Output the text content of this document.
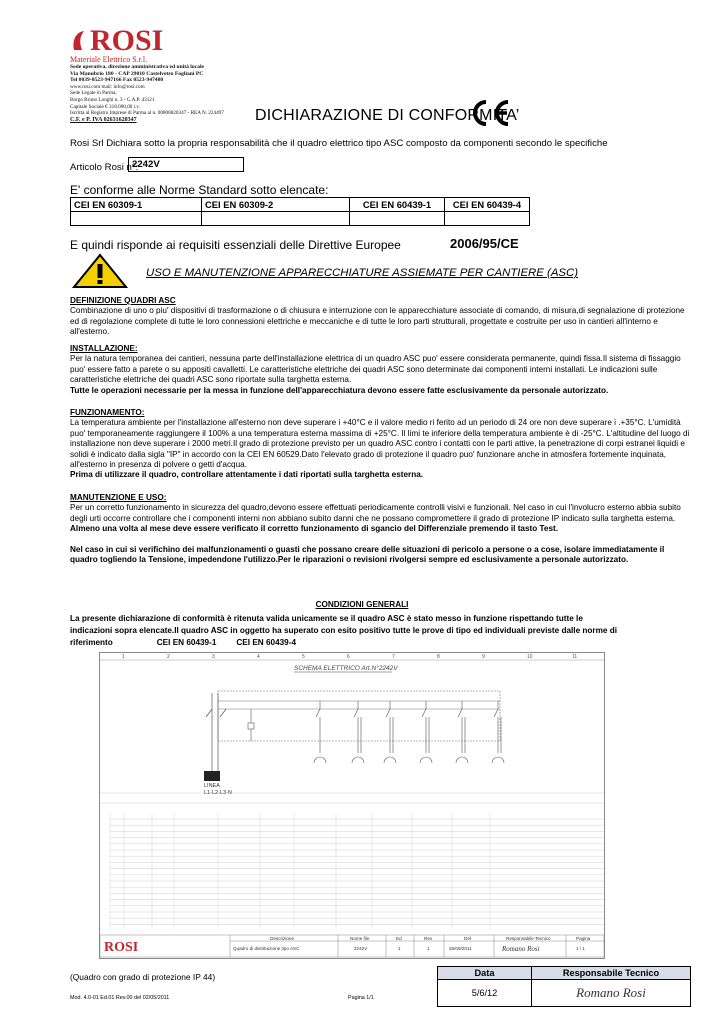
ROSI
Materiale Elettrico S.r.l.
Sede operativa, direzione amministrativa ed unità locale
Via Manubrio 180 - CAP 29010 Castelvetro Fogliani PC
Tel 0039-0523-947166 Fax 0523-947480
www.rosi.com mail: info@rosi.com
Sede Legale in Parma,
Borgo Bruno Longhi n. 3 - C.A.P. 43121
Capitale Sociale € 318.000,00 i.v.
Iscritta al Registro Imprese di Parma al n. 00808820347 - REA N. 224497
C.F. e P. IVA 02631620347	DICHIARAZIONE DI CONFORMITA’
Rosi Srl Dichiara sotto la propria responsabilità che il quadro elettrico tipo ASC composto da componenti secondo le specifiche
Articolo Rosi n°:
2242V
E' conforme alle Norme Standard sotto elencate:
CEI EN 60309-1	CEI EN 60309-2	CEI EN 60439-1	CEI EN 60439-4

E quindi risponde ai requisiti essenziali delle Direttive Europee	2006/95/CE
USO E MANUTENZIONE APPARECCHIATURE ASSIEMATE PER CANTIERE (ASC)
DEFINIZIONE QUADRI ASC
Combinazione di uno o piu' dispositivi di trasformazione o di chiusura e interruzione con le apparecchiature associate di comando, di misura,di segnalazione di protezione ed di regolazione complete di tutte le loro connessioni elettriche e meccaniche e di tutte le loro parti strutturali, progettate e costruite per uso in cantieri all'interno e all'esterno.
INSTALLAZIONE:
Per la natura temporanea dei cantieri, nessuna parte dell'installazione elettrica di un quadro ASC puo' essere considerata permanente, quindi fissa.Il sistema di fissaggio puo' essere fatto a parete o su appositi cavalletti. Le caratteristiche elettriche dei quadri ASC sono determinate dai componenti interni installati. Le indicazioni sulle caratteristiche elettriche dei quadri ASC sono riportate sulla targhetta esterna.
Tutte le operazioni necessarie per la messa in funzione dell'apparecchiatura devono essere fatte esclusivamente da personale autorizzato.
FUNZIONAMENTO:
La temperatura ambiente per l'installazione all'esterno non deve superare i +40°C e il valore medio ri ferito ad un periodo di 24 ore non deve superare i .+35°C. L'umidità puo' temporaneamente raggiungere il 100% a una temperatura esterna massima di +25°C. Il limi te inferiore della temperatura ambiente è di -25°C. L'altitudine del luogo di installazione non deve superare i 2000 metri.Il grado di protezione previsto per un quadro ASC contro i contatti con le parti attive, la penetrazione di corpi estranei liquidi e solidi è indicato dalla sigla "IP" in accordo con la CEI EN 60529.Dato l'elevato grado di protezione il quadro puo' funzionare anche in atmosfera fortemente inquinata, all'esterno in presenza di polvere o getti d'acqua.
Prima di utilizzare il quadro, controllare attentamente i dati riportati sulla targhetta esterna.
MANUTENZIONE E USO:
Per un corretto funzionamento in sicurezza del quadro,devono essere effettuati periodicamente controlli visivi e funzionali. Nel caso in cui l'involucro esterno abbia subito degli urti occorre controllare che i componenti interni non abbiano subito danni che ne possano compromettere il grado di protezione IP indicato sulla targhetta esterna.
Almeno una volta al mese deve essere verificato il corretto funzionamento di sgancio del Differenziale premendo il tasto Test.
Nel caso in cui si verifichino dei malfunzionamenti o guasti che possano creare delle situazioni di pericolo a persone o a cose, isolare immediatamente il quadro togliendo la Tensione, impedendone l'utilizzo.Per le riparazioni o revisioni rivolgersi sempre ed esclusivamente a personale autorizzato.
CONDIZIONI GENERALI
La presente dichiarazione di conformità è ritenuta valida unicamente se il quadro ASC è stato messo in funzione rispettando tutte le
indicazioni sopra elencate.Il quadro ASC in oggetto ha superato con esito positivo tutte le prove di tipo ed individuali previste dalle norme di
riferimento	CEI EN 60439-1 CEI EN 60439-4
1	2	3	4	5	6	7	8	9	10	11
SCHEMA ELETTRICO Art.N°2242V
LINEA
L1-L2-L3-N
ROSI
Descrizione	Nome file	Ed	Rev	Del	Responsabile Tecnico	Pagina
Quadro di distribuzione tipo ASC	2242V	1	1	26/09/2011	1 / 1
Romano Rosi
(Quadro con grado di protezione IP 44)
Mod. 4.0-01 Ed.01 Rev.00 del 02/05/2011	Pagina 1/1
Data	Responsabile Tecnico
5/6/12	Romano Rosi
